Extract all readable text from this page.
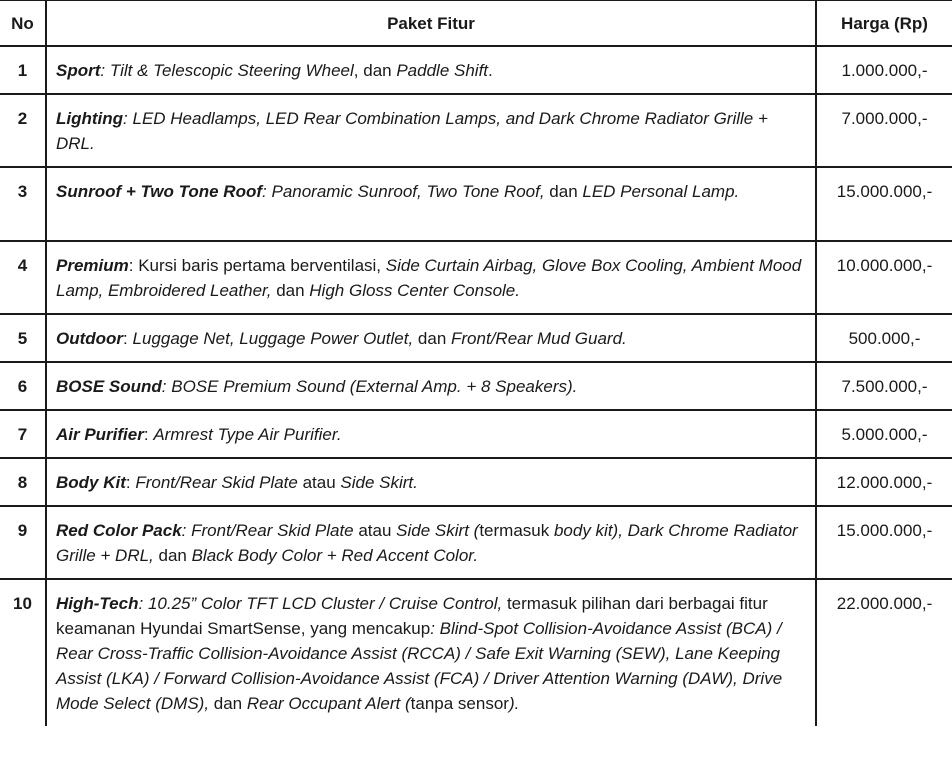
No	Paket Fitur	Harga (Rp)
1	Sport: Tilt & Telescopic Steering Wheel, dan Paddle Shift.	1.000.000,-
2	Lighting: LED Headlamps, LED Rear Combination Lamps, and Dark Chrome Radiator Grille + DRL.	7.000.000,-
3	Sunroof + Two Tone Roof: Panoramic Sunroof, Two Tone Roof, dan LED Personal Lamp.	15.000.000,-
4	Premium: Kursi baris pertama berventilasi, Side Curtain Airbag, Glove Box Cooling, Ambient Mood Lamp, Embroidered Leather, dan High Gloss Center Console.	10.000.000,-
5	Outdoor: Luggage Net, Luggage Power Outlet, dan Front/Rear Mud Guard.	500.000,-
6	BOSE Sound: BOSE Premium Sound (External Amp. + 8 Speakers).	7.500.000,-
7	Air Purifier: Armrest Type Air Purifier.	5.000.000,-
8	Body Kit: Front/Rear Skid Plate atau Side Skirt.	12.000.000,-
9	Red Color Pack: Front/Rear Skid Plate atau Side Skirt (termasuk body kit), Dark Chrome Radiator Grille + DRL, dan Black Body Color + Red Accent Color.	15.000.000,-
10	High-Tech: 10.25” Color TFT LCD Cluster / Cruise Control, termasuk pilihan dari berbagai fitur keamanan Hyundai SmartSense, yang mencakup: Blind-Spot Collision-Avoidance Assist (BCA) / Rear Cross-Traffic Collision-Avoidance Assist (RCCA) / Safe Exit Warning (SEW), Lane Keeping Assist (LKA) / Forward Collision-Avoidance Assist (FCA) / Driver Attention Warning (DAW), Drive Mode Select (DMS), dan Rear Occupant Alert (tanpa sensor).	22.000.000,-
